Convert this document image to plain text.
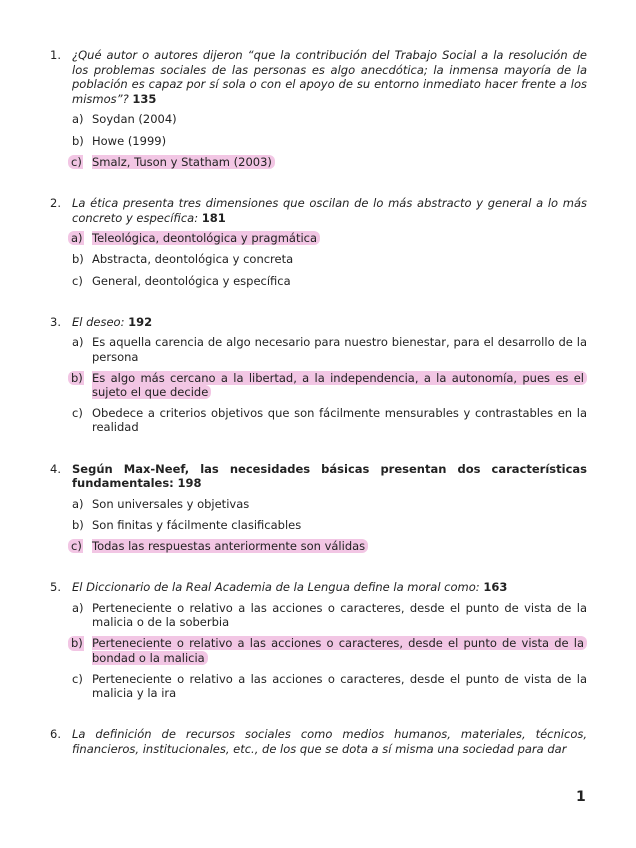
1. ¿Qué autor o autores dijeron “que la contribución del Trabajo Social a la resolución de los problemas sociales de las personas es algo anecdótica; la inmensa mayoría de la población es capaz por sí sola o con el apoyo de su entorno inmediato hacer frente a los mismos”? 135
a) Soydan (2004)
b) Howe (1999)
c) Smalz, Tuson y Statham (2003)
2. La ética presenta tres dimensiones que oscilan de lo más abstracto y general a lo más concreto y específica: 181
a) Teleológica, deontológica y pragmática
b) Abstracta, deontológica y concreta
c) General, deontológica y específica
3. El deseo: 192
a) Es aquella carencia de algo necesario para nuestro bienestar, para el desarrollo de la persona
b) Es algo más cercano a la libertad, a la independencia, a la autonomía, pues es el sujeto el que decide
c) Obedece a criterios objetivos que son fácilmente mensurables y contrastables en la realidad
4. Según Max-Neef, las necesidades básicas presentan dos características fundamentales: 198
a) Son universales y objetivas
b) Son finitas y fácilmente clasificables
c) Todas las respuestas anteriormente son válidas
5. El Diccionario de la Real Academia de la Lengua define la moral como: 163
a) Perteneciente o relativo a las acciones o caracteres, desde el punto de vista de la malicia o de la soberbia
b) Perteneciente o relativo a las acciones o caracteres, desde el punto de vista de la bondad o la malicia
c) Perteneciente o relativo a las acciones o caracteres, desde el punto de vista de la malicia y la ira
6. La definición de recursos sociales como medios humanos, materiales, técnicos, financieros, institucionales, etc., de los que se dota a sí misma una sociedad para dar
1
